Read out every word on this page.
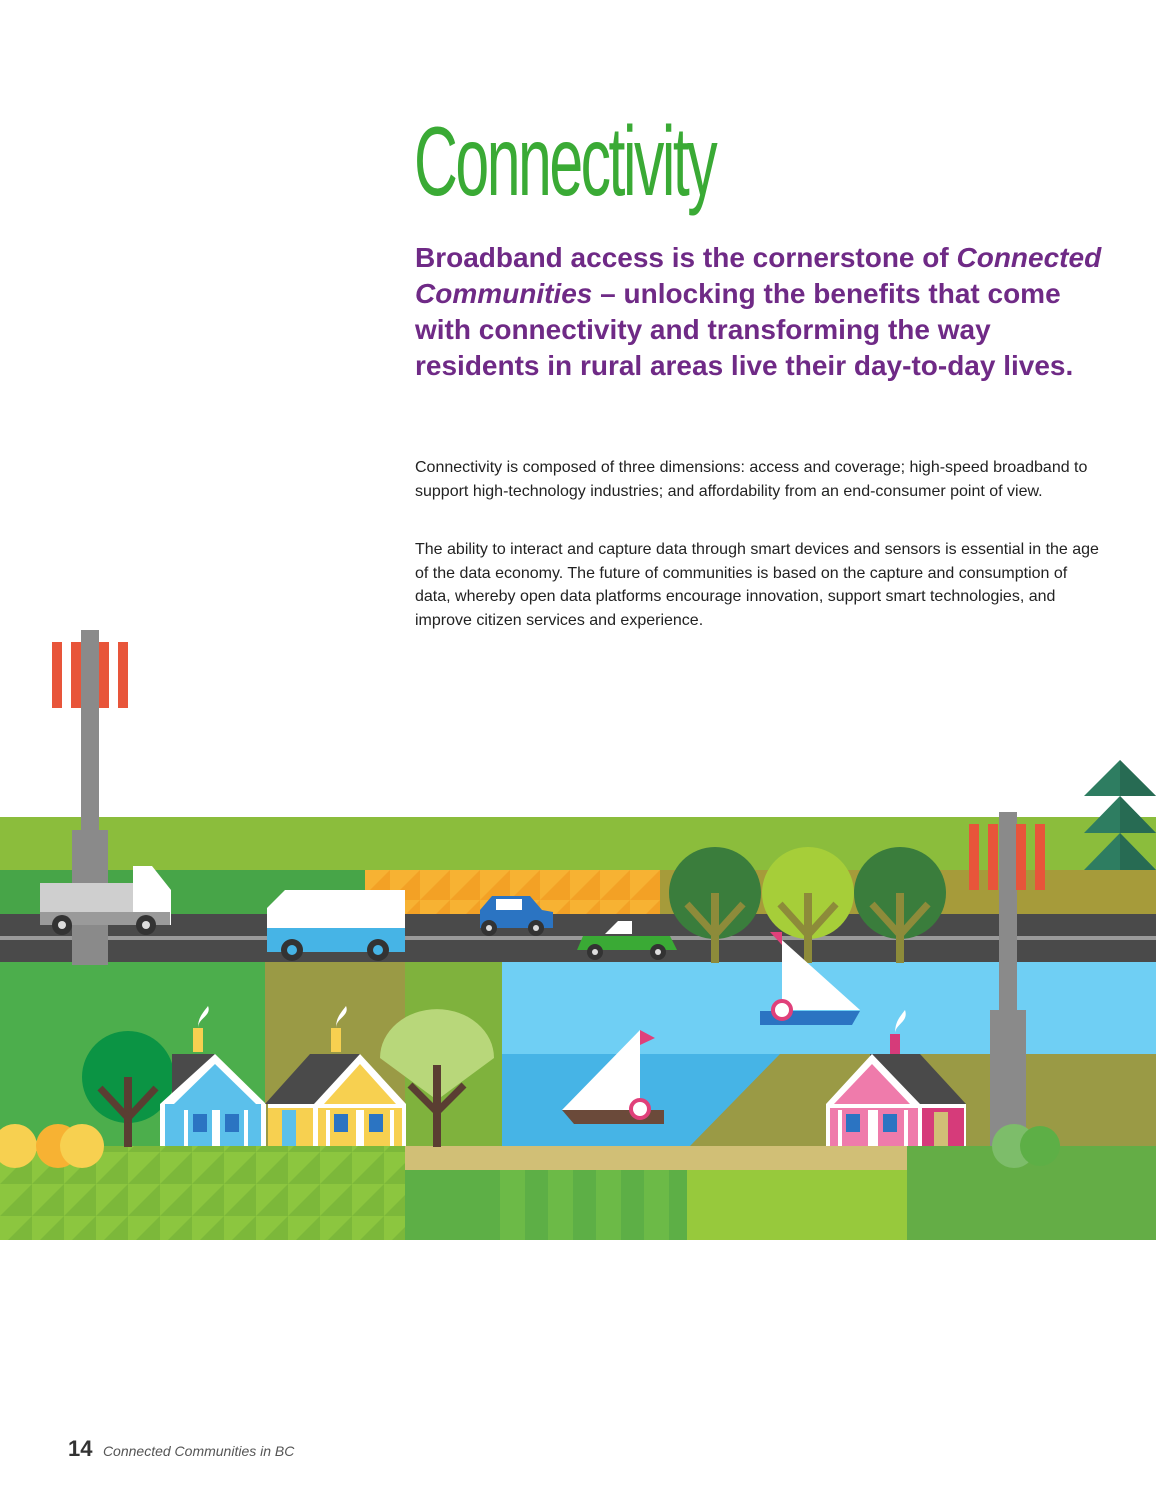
Connectivity

Broadband access is the cornerstone of Connected Communities – unlocking the benefits that come with connectivity and transforming the way residents in rural areas live their day-to-day lives.

Connectivity is composed of three dimensions: access and coverage; high-speed broadband to support high-technology industries; and affordability from an end-consumer point of view.

The ability to interact and capture data through smart devices and sensors is essential in the age of the data economy. The future of communities is based on the capture and consumption of data, whereby open data platforms encourage innovation, support smart technologies, and improve citizen services and experience.

14 Connected Communities in BC
